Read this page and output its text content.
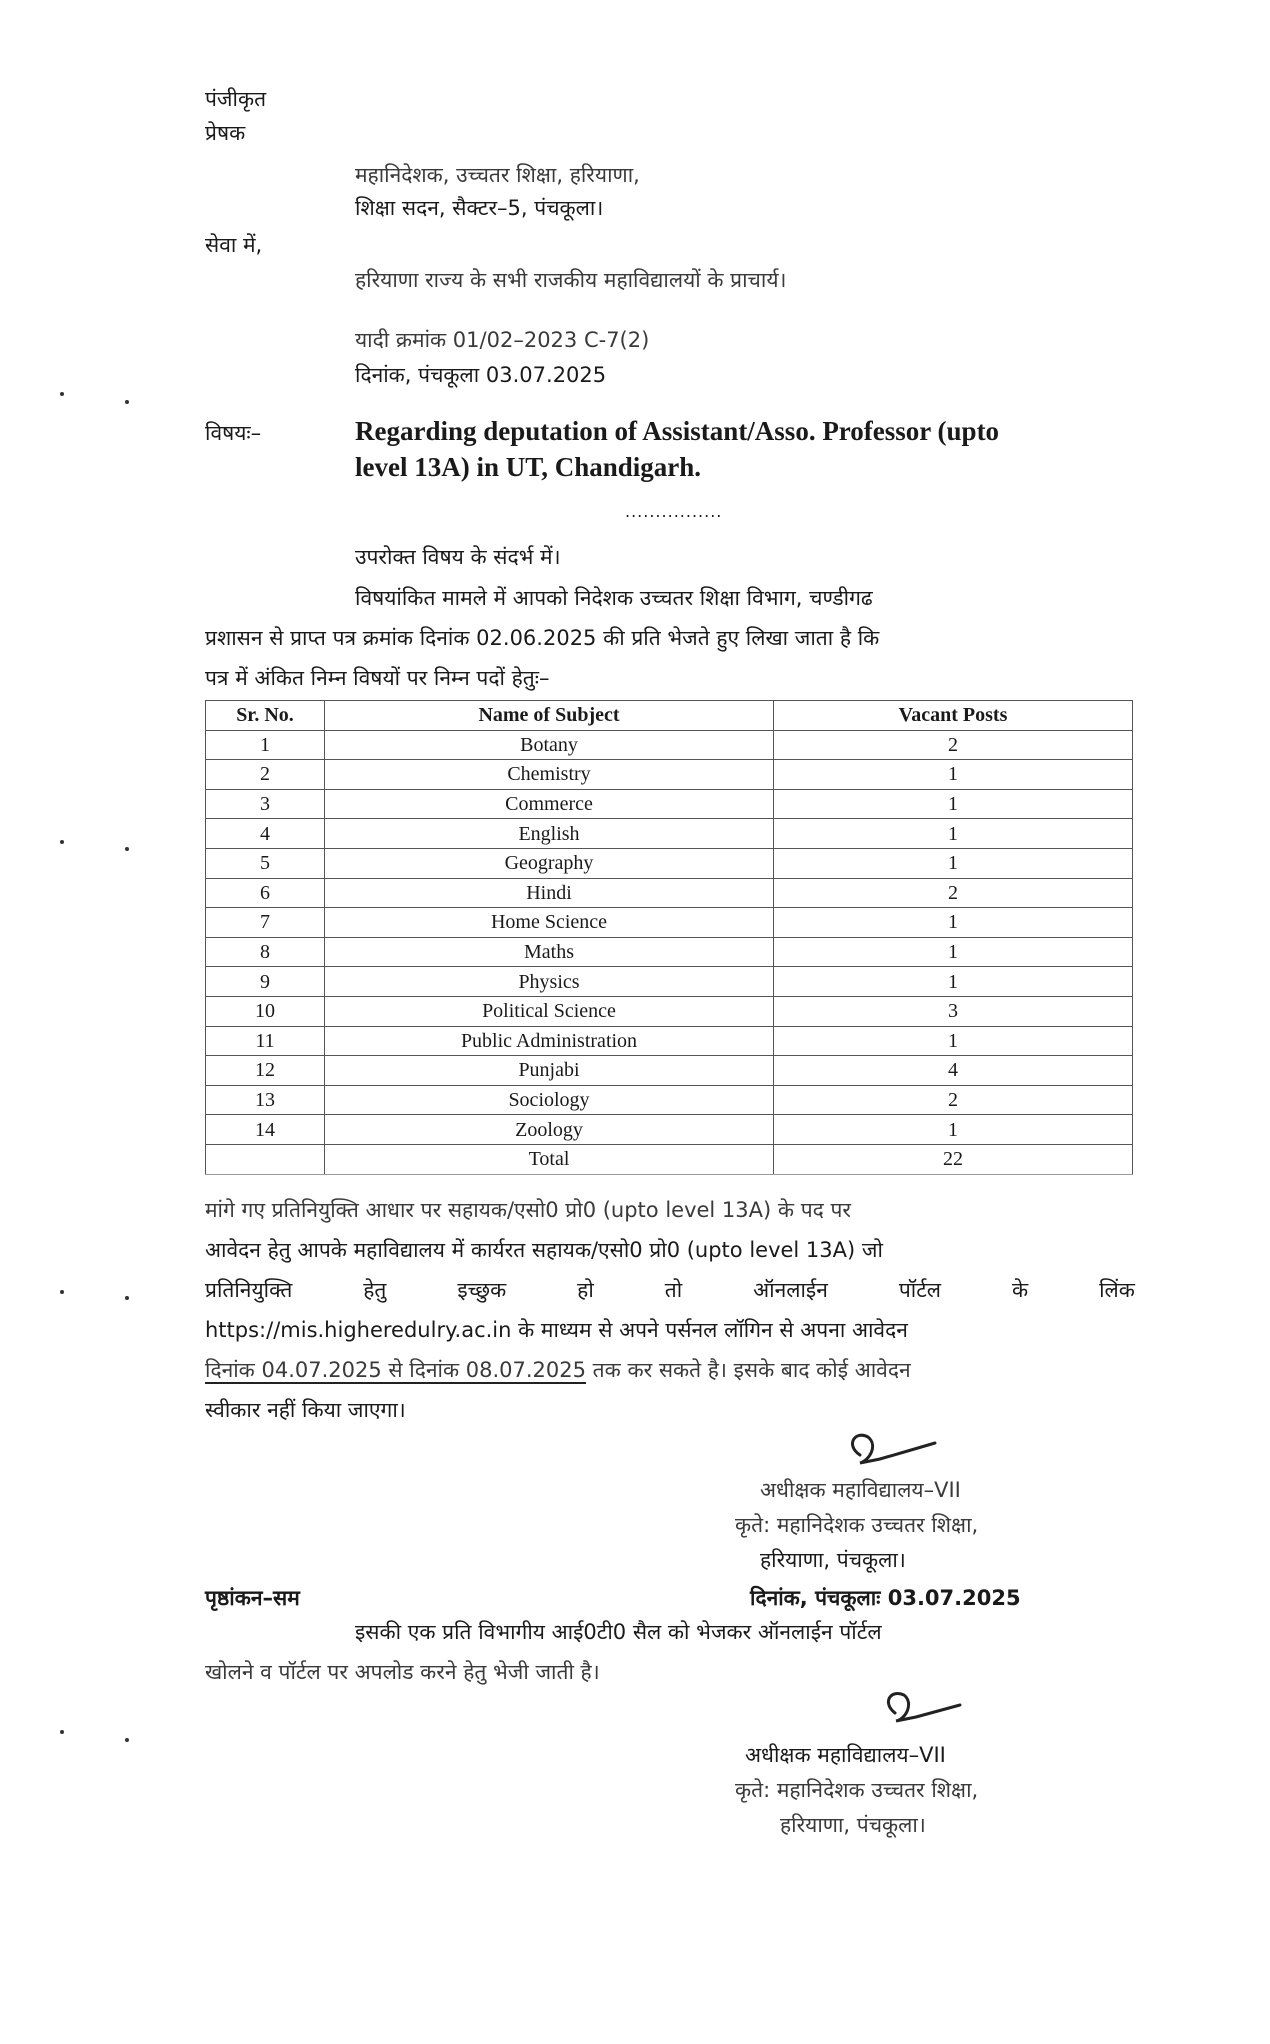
पंजीकृत
प्रेषक
महानिदेशक, उच्चतर शिक्षा, हरियाणा,
शिक्षा सदन, सैक्टर–5, पंचकूला।
सेवा में,
हरियाणा राज्य के सभी राजकीय महाविद्यालयों के प्राचार्य।
यादी क्रमांक 01/02–2023 C-7(2)
दिनांक, पंचकूला 03.07.2025
विषयः–	Regarding deputation of Assistant/Asso. Professor (upto
level 13A) in UT, Chandigarh.
................
उपरोक्त विषय के संदर्भ में।
विषयांकित मामले में आपको निदेशक उच्चतर शिक्षा विभाग, चण्डीगढ
प्रशासन से प्राप्त पत्र क्रमांक दिनांक 02.06.2025 की प्रति भेजते हुए लिखा जाता है कि
पत्र में अंकित निम्न विषयों पर निम्न पदों हेतुः–
Sr. No.	Name of Subject	Vacant Posts
1	Botany	2
2	Chemistry	1
3	Commerce	1
4	English	1
5	Geography	1
6	Hindi	2
7	Home Science	1
8	Maths	1
9	Physics	1
10	Political Science	3
11	Public Administration	1
12	Punjabi	4
13	Sociology	2
14	Zoology	1
	Total	22
मांगे गए प्रतिनियुक्ति आधार पर सहायक/एसो0 प्रो0 (upto level 13A) के पद पर
आवेदन हेतु आपके महाविद्यालय में कार्यरत सहायक/एसो0 प्रो0 (upto level 13A) जो
प्रतिनियुक्ति	हेतु	इच्छुक	हो	तो	ऑनलाईन	पॉर्टल	के	लिंक
https://mis.higheredulry.ac.in के माध्यम से अपने पर्सनल लॉगिन से अपना आवेदन
दिनांक 04.07.2025 से दिनांक 08.07.2025 तक कर सकते है। इसके बाद कोई आवेदन
स्वीकार नहीं किया जाएगा।
अधीक्षक महाविद्यालय–VII
कृते: महानिदेशक उच्चतर शिक्षा,
हरियाणा, पंचकूला।
पृष्ठांकन–सम	दिनांक, पंचकूलाः 03.07.2025
इसकी एक प्रति विभागीय आई0टी0 सैल को भेजकर ऑनलाईन पॉर्टल
खोलने व पॉर्टल पर अपलोड करने हेतु भेजी जाती है।
अधीक्षक महाविद्यालय–VII
कृते: महानिदेशक उच्चतर शिक्षा,
हरियाणा, पंचकूला।
